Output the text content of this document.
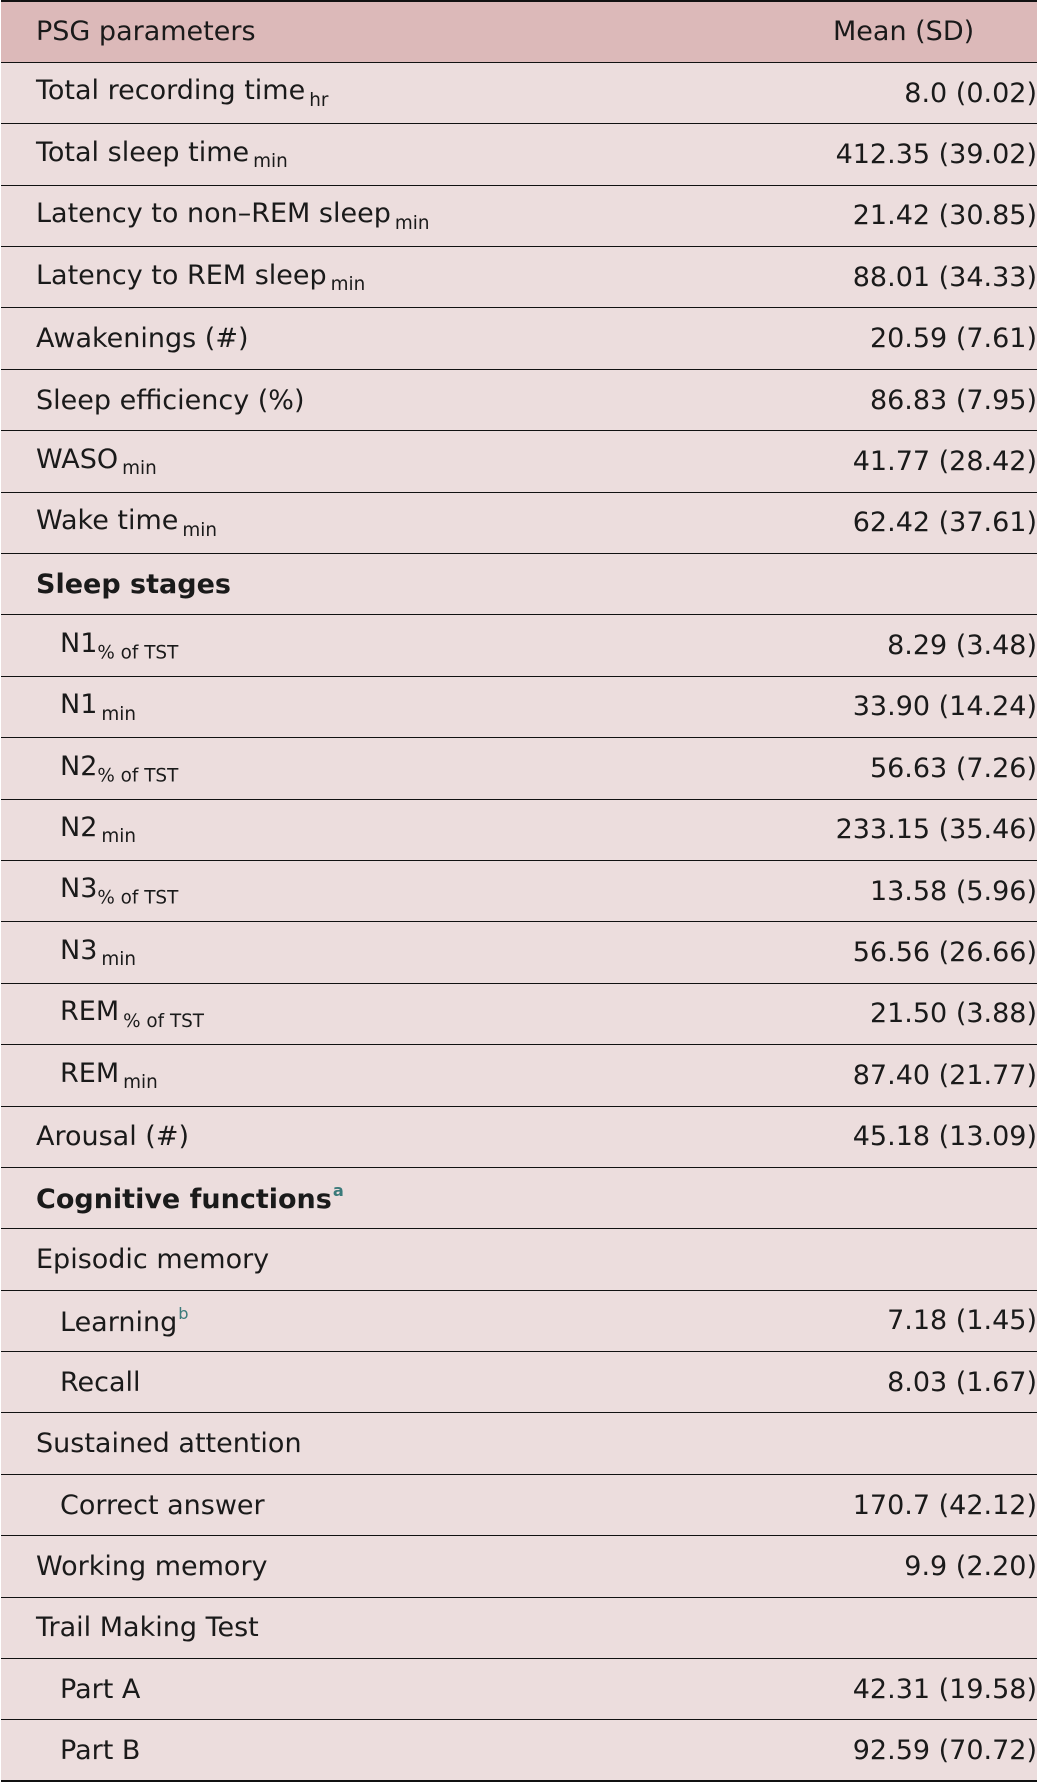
PSG parameters	Mean (SD)
Total recording time $_{hr}$	8.0 (0.02)
Total sleep time $_{min}$	412.35 (39.02)
Latency to non–REM sleep $_{min}$	21.42 (30.85)
Latency to REM sleep $_{min}$	88.01 (34.33)
Awakenings (#)	20.59 (7.61)
Sleep efficiency (%)	86.83 (7.95)
WASO $_{min}$	41.77 (28.42)
Wake time $_{min}$	62.42 (37.61)
Sleep stages	
$N1_{\% of TST}$	8.29 (3.48)
N1 $_{min}$	33.90 (14.24)
$N2_{\% of TST}$	56.63 (7.26)
N2 $_{min}$	233.15 (35.46)
$N3_{\% of TST}$	13.58 (5.96)
N3 $_{min}$	56.56 (26.66)
REM $_{\% of TST}$	21.50 (3.88)
REM $_{min}$	87.40 (21.77)
Arousal (#)	45.18 (13.09)
Cognitive functions$^a$	
Episodic memory	
Learning$^b$	7.18 (1.45)
Recall	8.03 (1.67)
Sustained attention	
Correct answer	170.7 (42.12)
Working memory	9.9 (2.20)
Trail Making Test	
Part A	42.31 (19.58)
Part B	92.59 (70.72)
